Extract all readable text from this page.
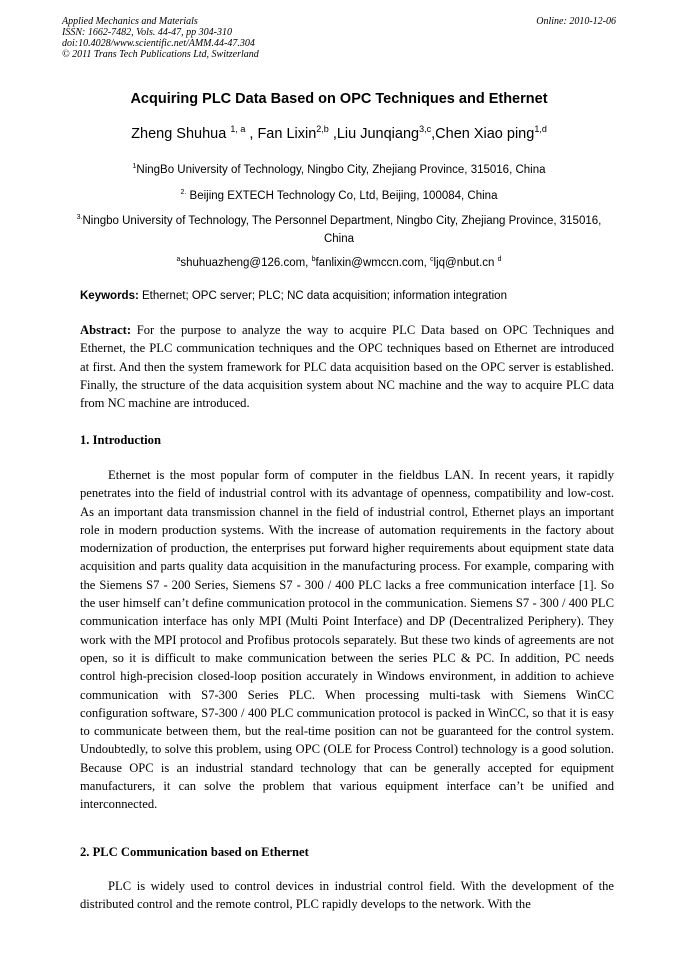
Applied Mechanics and Materials
ISSN: 1662-7482, Vols. 44-47, pp 304-310
doi:10.4028/www.scientific.net/AMM.44-47.304
© 2011 Trans Tech Publications Ltd, Switzerland
Online: 2010-12-06
Acquiring PLC Data Based on OPC Techniques and Ethernet
Zheng Shuhua $^{1, a}$ , Fan Lixin$^{2,b}$ ,Liu Junqiang$^{3,c}$,Chen Xiao ping$^{1,d}$
$^1$NingBo University of Technology, Ningbo City, Zhejiang Province, 315016, China
$^{2.}$ Beijing EXTECH Technology Co, Ltd, Beijing, 100084, China
$^{3.}$Ningbo University of Technology, The Personnel Department, Ningbo City, Zhejiang Province, 315016, China
$^a$shuhuazheng@126.com, $^b$fanlixin@wmccn.com, $^c$ljq@nbut.cn $^d$
Keywords: Ethernet; OPC server; PLC; NC data acquisition; information integration
Abstract: For the purpose to analyze the way to acquire PLC Data based on OPC Techniques and Ethernet, the PLC communication techniques and the OPC techniques based on Ethernet are introduced at first. And then the system framework for PLC data acquisition based on the OPC server is established. Finally, the structure of the data acquisition system about NC machine and the way to acquire PLC data from NC machine are introduced.
1. Introduction
Ethernet is the most popular form of computer in the fieldbus LAN. In recent years, it rapidly penetrates into the field of industrial control with its advantage of openness, compatibility and low-cost. As an important data transmission channel in the field of industrial control, Ethernet plays an important role in modern production systems. With the increase of automation requirements in the factory about modernization of production, the enterprises put forward higher requirements about equipment state data acquisition and parts quality data acquisition in the manufacturing process. For example, comparing with the Siemens S7 - 200 Series, Siemens S7 - 300 / 400 PLC lacks a free communication interface [1]. So the user himself can’t define communication protocol in the communication. Siemens S7 - 300 / 400 PLC communication interface has only MPI (Multi Point Interface) and DP (Decentralized Periphery). They work with the MPI protocol and Profibus protocols separately. But these two kinds of agreements are not open, so it is difficult to make communication between the series PLC & PC. In addition, PC needs control high-precision closed-loop position accurately in Windows environment, in addition to achieve communication with S7-300 Series PLC. When processing multi-task with Siemens WinCC configuration software, S7-300 / 400 PLC communication protocol is packed in WinCC, so that it is easy to communicate between them, but the real-time position can not be guaranteed for the control system. Undoubtedly, to solve this problem, using OPC (OLE for Process Control) technology is a good solution. Because OPC is an industrial standard technology that can be generally accepted for equipment manufacturers, it can solve the problem that various equipment interface can’t be unified and interconnected.
2. PLC Communication based on Ethernet
PLC is widely used to control devices in industrial control field. With the development of the distributed control and the remote control, PLC rapidly develops to the network. With the
